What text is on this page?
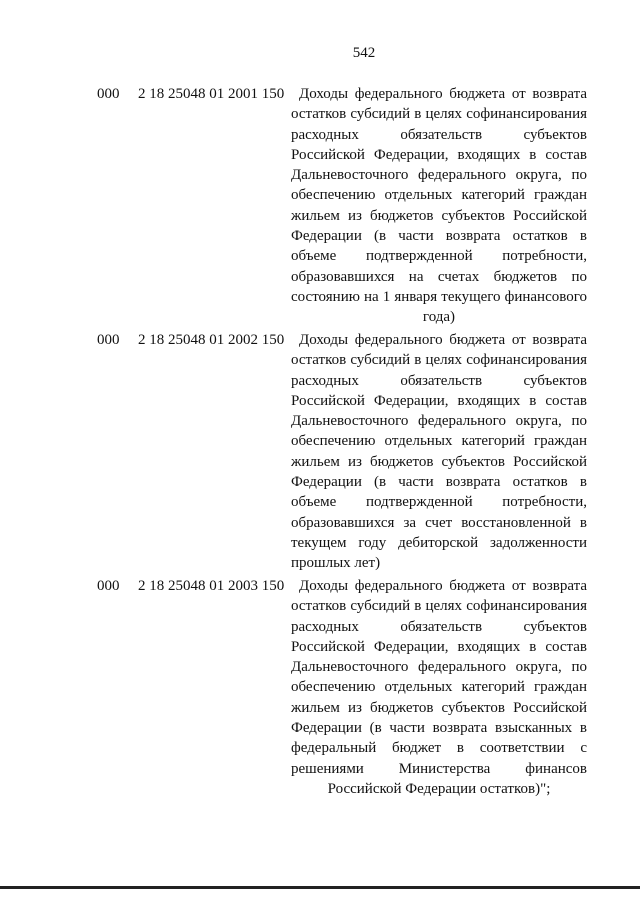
542
000 2 18 25048 01 2001 150 Доходы федерального бюджета от возврата
остатков субсидий в целях софинансирования
расходных обязательств субъектов
Российской Федерации, входящих в состав
Дальневосточного федерального округа, по
обеспечению отдельных категорий граждан
жильем из бюджетов субъектов Российской
Федерации (в части возврата остатков в
объеме подтвержденной потребности,
образовавшихся на счетах бюджетов по
состоянию на 1 января текущего финансового
года)
000 2 18 25048 01 2002 150 Доходы федерального бюджета от возврата
остатков субсидий в целях софинансирования
расходных обязательств субъектов
Российской Федерации, входящих в состав
Дальневосточного федерального округа, по
обеспечению отдельных категорий граждан
жильем из бюджетов субъектов Российской
Федерации (в части возврата остатков в
объеме подтвержденной потребности,
образовавшихся за счет восстановленной в
текущем году дебиторской задолженности
прошлых лет)
000 2 18 25048 01 2003 150 Доходы федерального бюджета от возврата
остатков субсидий в целях софинансирования
расходных обязательств субъектов
Российской Федерации, входящих в состав
Дальневосточного федерального округа, по
обеспечению отдельных категорий граждан
жильем из бюджетов субъектов Российской
Федерации (в части возврата взысканных в
федеральный бюджет в соответствии с
решениями Министерства финансов
Российской Федерации остатков)";
